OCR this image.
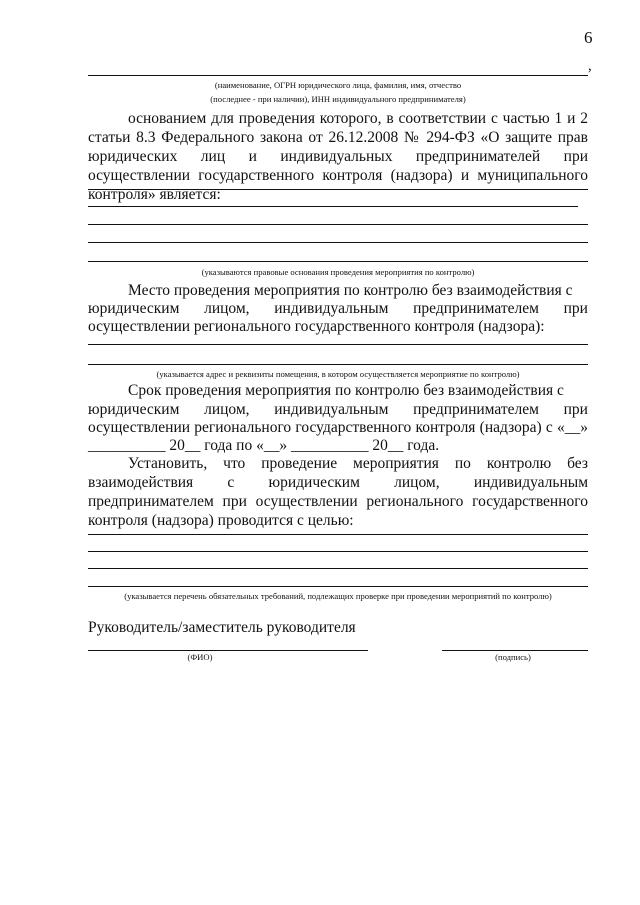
6
,
(наименование, ОГРН юридического лица, фамилия, имя, отчество
(последнее - при наличии), ИНН индивидуального предпринимателя)
основанием для проведения которого, в соответствии с частью 1 и 2 статьи 8.3 Федерального закона от 26.12.2008 № 294-ФЗ «О защите прав юридических лиц и индивидуальных предпринимателей при осуществлении государственного контроля (надзора) и муниципального контроля» является:
(указываются правовые основания проведения мероприятия по контролю)
Место проведения мероприятия по контролю без взаимодействия с
юридическим лицом, индивидуальным предпринимателем при
осуществлении регионального государственного контроля (надзора):
(указывается адрес и реквизиты помещения, в котором осуществляется мероприятие по контролю)
Срок проведения мероприятия по контролю без взаимодействия с
юридическим лицом, индивидуальным предпринимателем при
осуществлении регионального государственного контроля (надзора) с «__»
__________ 20__ года по «__» __________ 20__ года.
Установить, что проведение мероприятия по контролю без взаимодействия с юридическим лицом, индивидуальным предпринимателем при осуществлении регионального государственного контроля (надзора) проводится с целью:
(указывается перечень обязательных требований, подлежащих проверке при проведении мероприятий по контролю)
Руководитель/заместитель руководителя
(ФИО)	(подпись)
